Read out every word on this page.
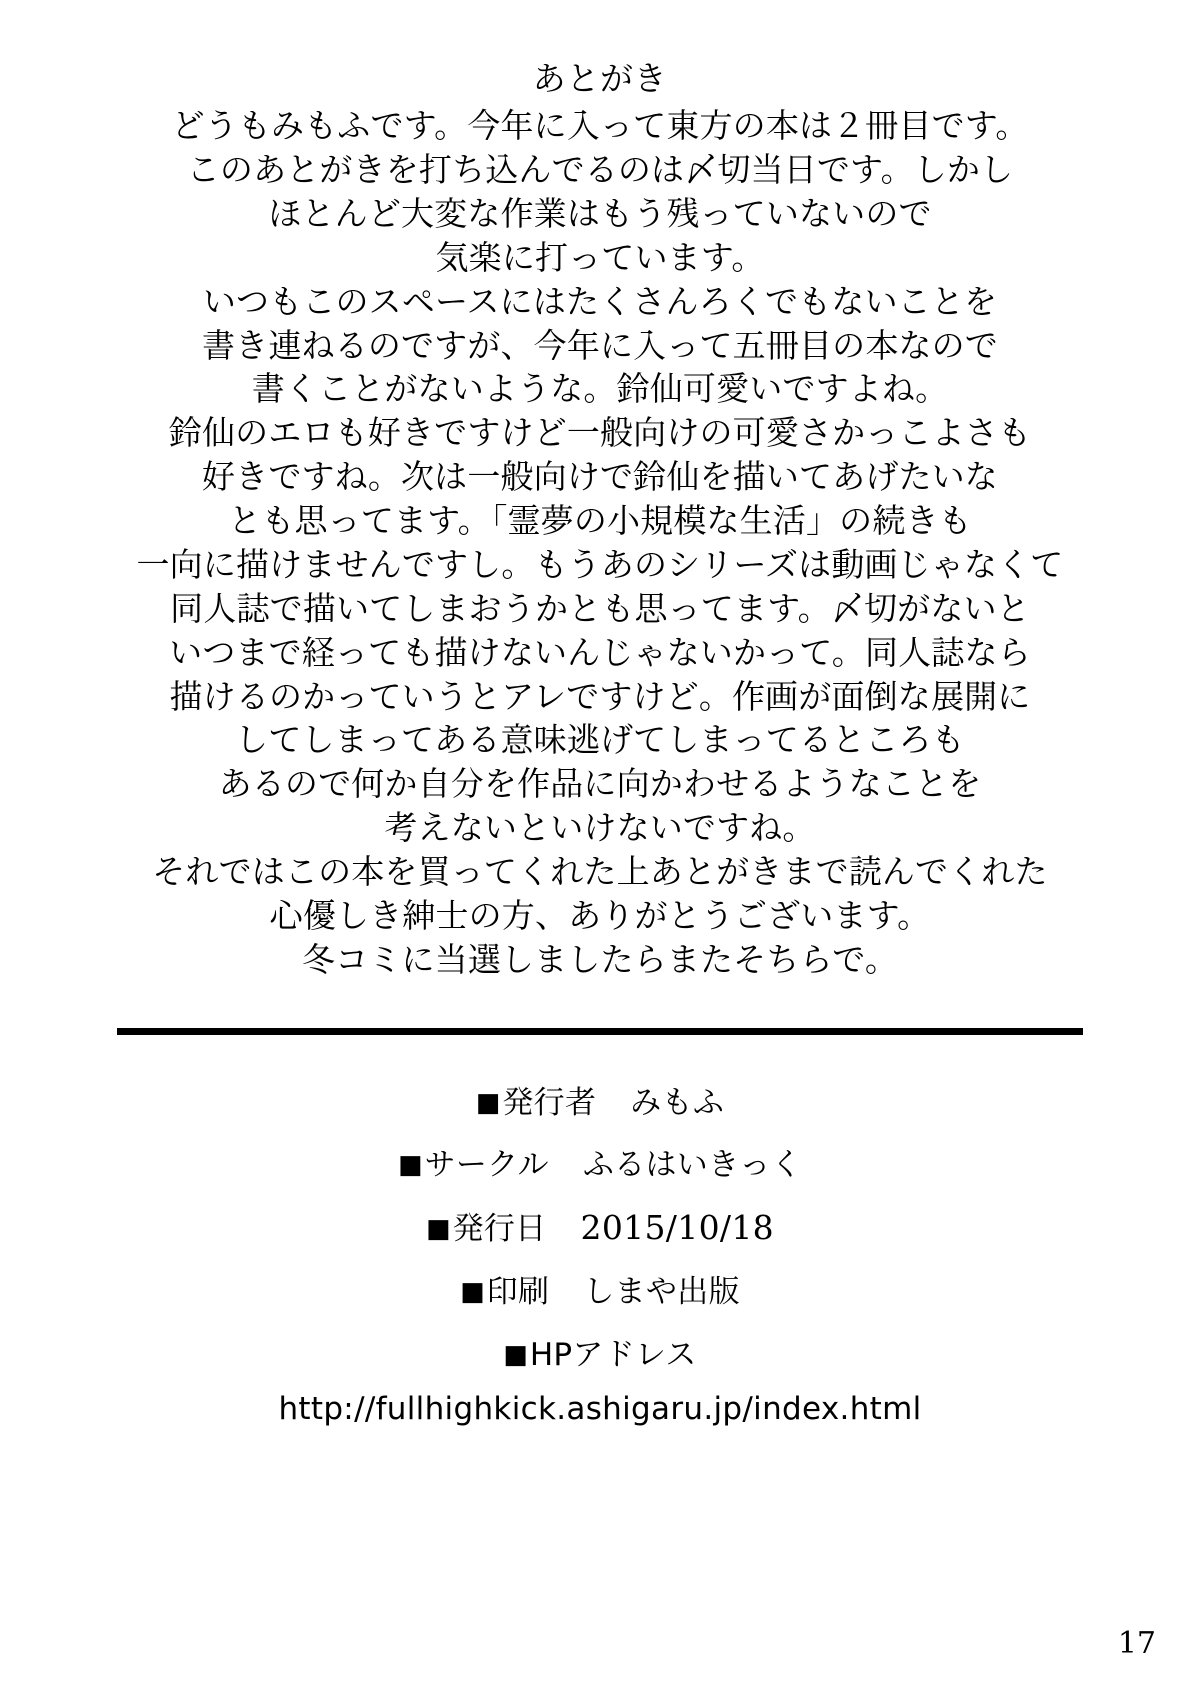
あとがき
どうもみもふです。今年に入って東方の本は２冊目です。
このあとがきを打ち込んでるのは〆切当日です。しかし
ほとんど大変な作業はもう残っていないので
気楽に打っています。
いつもこのスペースにはたくさんろくでもないことを
書き連ねるのですが、今年に入って五冊目の本なので
書くことがないような。鈴仙可愛いですよね。
鈴仙のエロも好きですけど一般向けの可愛さかっこよさも
好きですね。次は一般向けで鈴仙を描いてあげたいな
とも思ってます。「霊夢の小規模な生活」の続きも
一向に描けませんですし。もうあのシリーズは動画じゃなくて
同人誌で描いてしまおうかとも思ってます。〆切がないと
いつまで経っても描けないんじゃないかって。同人誌なら
描けるのかっていうとアレですけど。作画が面倒な展開に
してしまってある意味逃げてしまってるところも
あるので何か自分を作品に向かわせるようなことを
考えないといけないですね。
それではこの本を買ってくれた上あとがきまで読んでくれた
心優しき紳士の方、ありがとうございます。
冬コミに当選しましたらまたそちらで。
■発行者 みもふ
■サークル ふるはいきっく
■発行日 2015/10/18
■印刷 しまや出版
■HPアドレス
http://fullhighkick.ashigaru.jp/index.html
17
